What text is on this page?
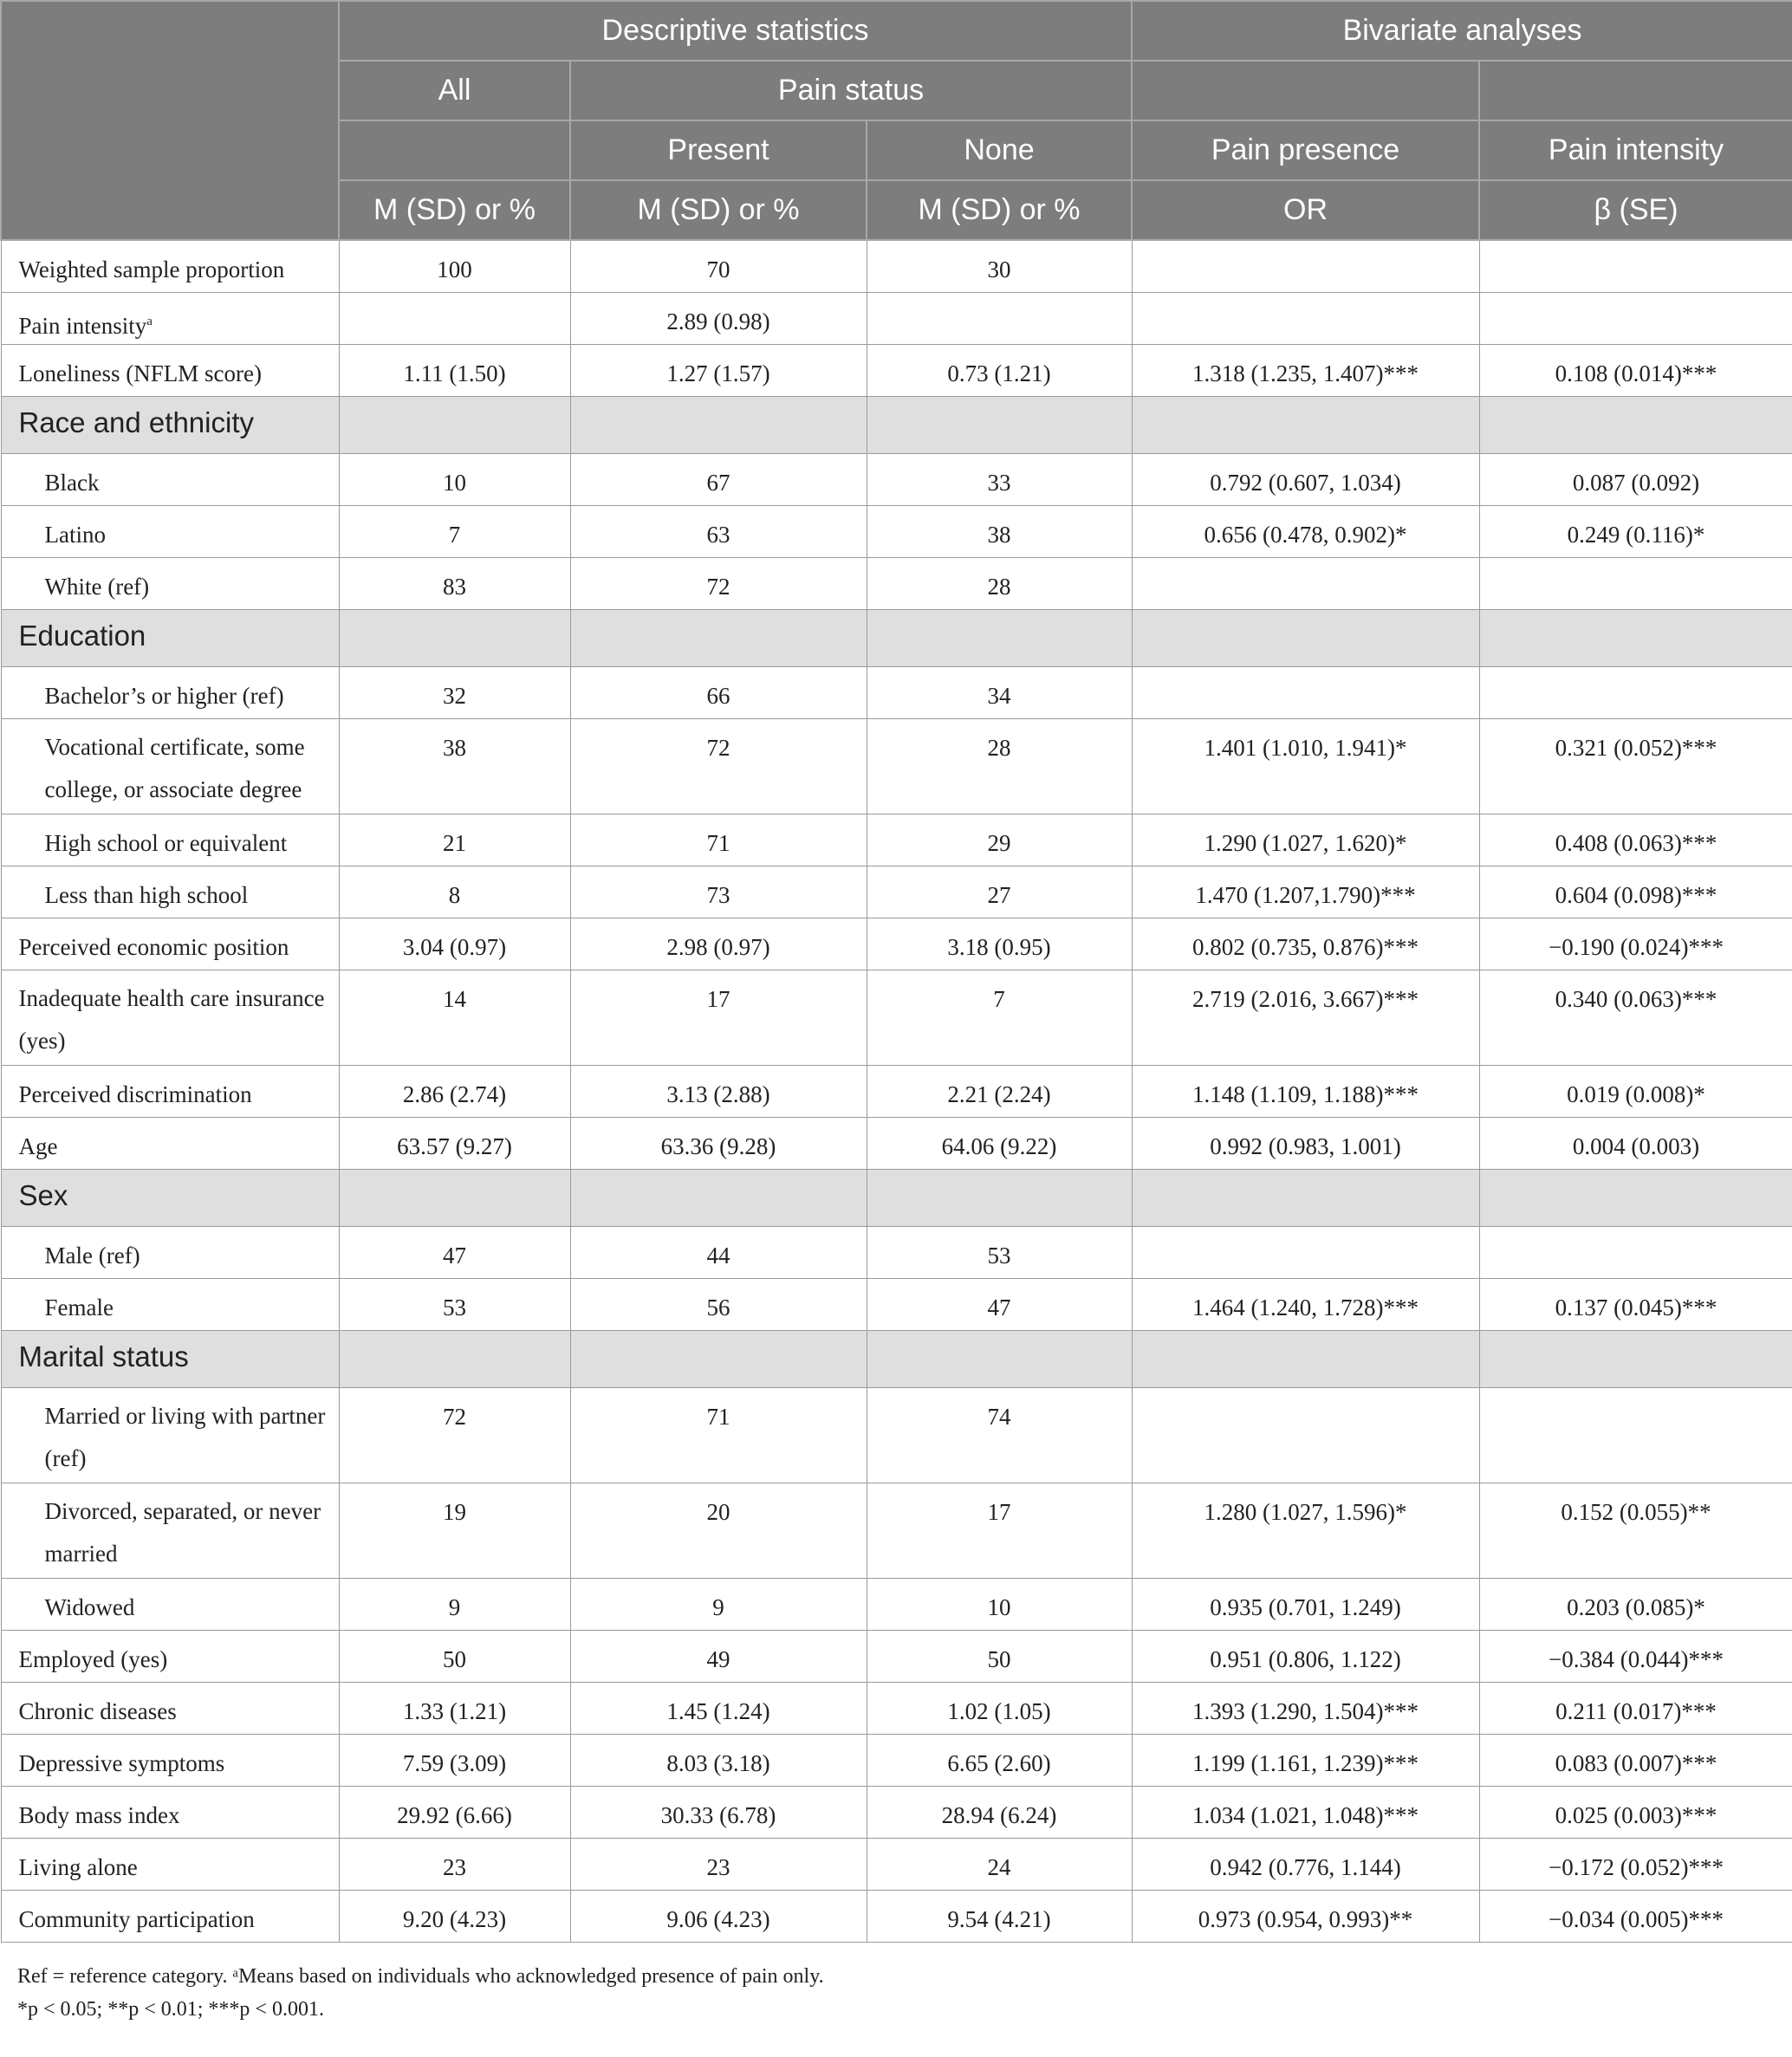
	Descriptive statistics			Bivariate analyses	
	All	Pain status			
		Present	None	Pain presence	Pain intensity
	M (SD) or %	M (SD) or %	M (SD) or %	OR	β (SE)
Weighted sample proportion	100	70	30		
Pain intensity$^a$		2.89 (0.98)			
Loneliness (NFLM score)	1.11 (1.50)	1.27 (1.57)	0.73 (1.21)	1.318 (1.235, 1.407)***	0.108 (0.014)***
Race and ethnicity					
Black	10	67	33	0.792 (0.607, 1.034)	0.087 (0.092)
Latino	7	63	38	0.656 (0.478, 0.902)*	0.249 (0.116)*
White (ref)	83	72	28		
Education					
Bachelor’s or higher (ref)	32	66	34		
Vocational certificate, some college, or associate degree	38	72	28	1.401 (1.010, 1.941)*	0.321 (0.052)***
High school or equivalent	21	71	29	1.290 (1.027, 1.620)*	0.408 (0.063)***
Less than high school	8	73	27	1.470 (1.207,1.790)***	0.604 (0.098)***
Perceived economic position	3.04 (0.97)	2.98 (0.97)	3.18 (0.95)	0.802 (0.735, 0.876)***	−0.190 (0.024)***
Inadequate health care insurance (yes)	14	17	7	2.719 (2.016, 3.667)***	0.340 (0.063)***
Perceived discrimination	2.86 (2.74)	3.13 (2.88)	2.21 (2.24)	1.148 (1.109, 1.188)***	0.019 (0.008)*
Age	63.57 (9.27)	63.36 (9.28)	64.06 (9.22)	0.992 (0.983, 1.001)	0.004 (0.003)
Sex					
Male (ref)	47	44	53		
Female	53	56	47	1.464 (1.240, 1.728)***	0.137 (0.045)***
Marital status					
Married or living with partner (ref)	72	71	74		
Divorced, separated, or never married	19	20	17	1.280 (1.027, 1.596)*	0.152 (0.055)**
Widowed	9	9	10	0.935 (0.701, 1.249)	0.203 (0.085)*
Employed (yes)	50	49	50	0.951 (0.806, 1.122)	−0.384 (0.044)***
Chronic diseases	1.33 (1.21)	1.45 (1.24)	1.02 (1.05)	1.393 (1.290, 1.504)***	0.211 (0.017)***
Depressive symptoms	7.59 (3.09)	8.03 (3.18)	6.65 (2.60)	1.199 (1.161, 1.239)***	0.083 (0.007)***
Body mass index	29.92 (6.66)	30.33 (6.78)	28.94 (6.24)	1.034 (1.021, 1.048)***	0.025 (0.003)***
Living alone	23	23	24	0.942 (0.776, 1.144)	−0.172 (0.052)***
Community participation	9.20 (4.23)	9.06 (4.23)	9.54 (4.21)	0.973 (0.954, 0.993)**	−0.034 (0.005)***
Ref = reference category. ᵃMeans based on individuals who acknowledged presence of pain only.
*p < 0.05; **p < 0.01; ***p < 0.001.
